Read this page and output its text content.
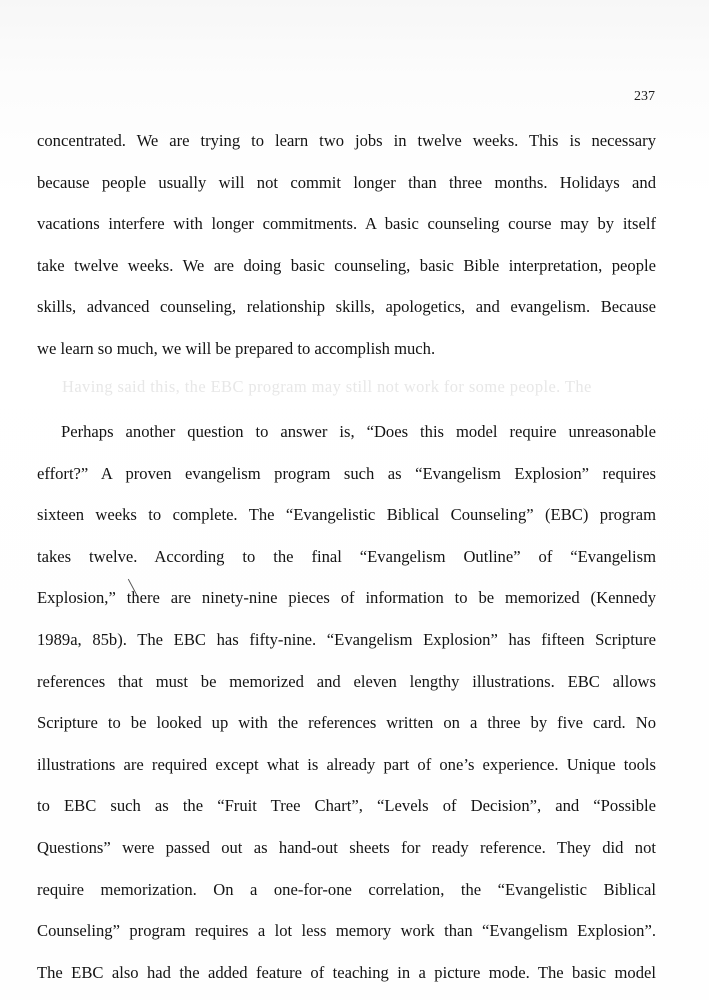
Having said this, the EBC program may still not work for some people. The
237
concentrated. We are trying to learn two jobs in twelve weeks. This is necessary
because people usually will not commit longer than three months. Holidays and
vacations interfere with longer commitments. A basic counseling course may by itself
take twelve weeks. We are doing basic counseling, basic Bible interpretation, people
skills, advanced counseling, relationship skills, apologetics, and evangelism. Because
we learn so much, we will be prepared to accomplish much.
Perhaps another question to answer is, “Does this model require unreasonable
effort?” A proven evangelism program such as “Evangelism Explosion” requires
sixteen weeks to complete. The “Evangelistic Biblical Counseling” (EBC) program
takes twelve. According to the final “Evangelism Outline” of “Evangelism
Explosion,” there are ninety-nine pieces of information to be memorized (Kennedy
1989a, 85b). The EBC has fifty-nine. “Evangelism Explosion” has fifteen Scripture
references that must be memorized and eleven lengthy illustrations. EBC allows
Scripture to be looked up with the references written on a three by five card. No
illustrations are required except what is already part of one’s experience. Unique tools
to EBC such as the “Fruit Tree Chart”, “Levels of Decision”, and “Possible
Questions” were passed out as hand-out sheets for ready reference. They did not
require memorization. On a one-for-one correlation, the “Evangelistic Biblical
Counseling” program requires a lot less memory work than “Evangelism Explosion”.
The EBC also had the added feature of teaching in a picture mode. The basic model
